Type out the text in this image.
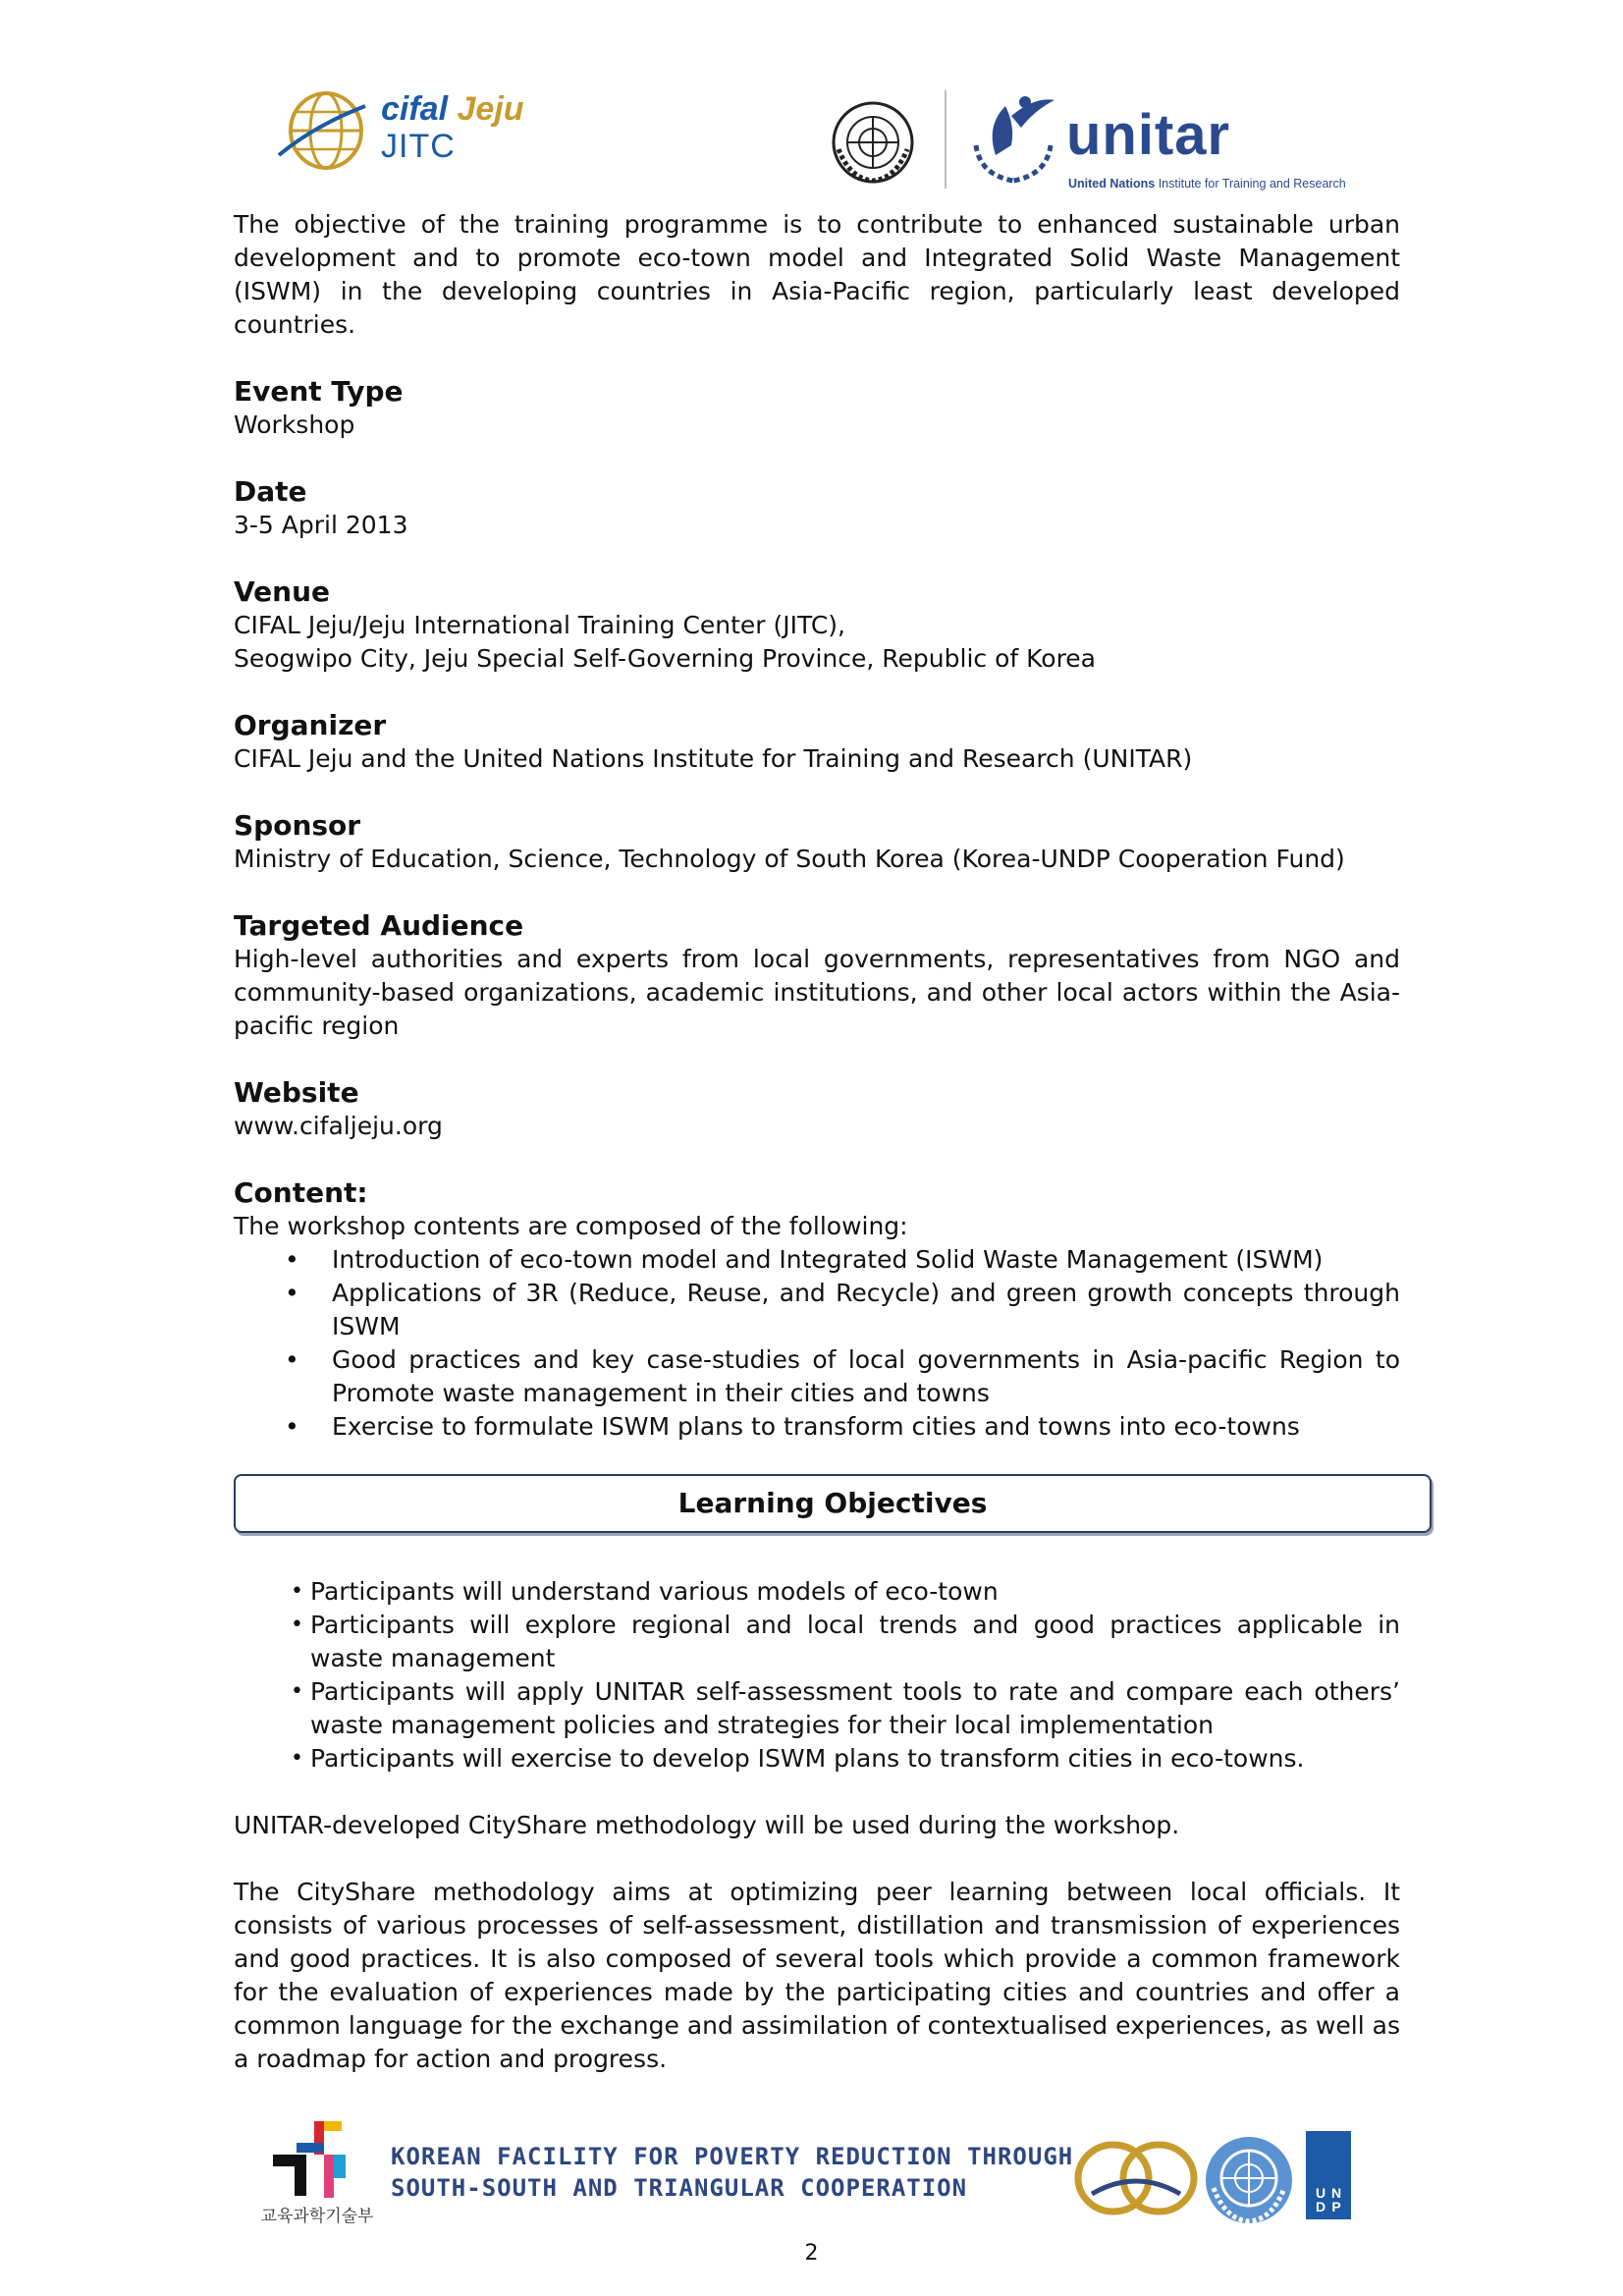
cifal Jeju
JITC	unitar
United Nations Institute for Training and Research

The objective of the training programme is to contribute to enhanced sustainable urban development and to promote eco-town model and Integrated Solid Waste Management (ISWM) in the developing countries in Asia-Pacific region, particularly least developed countries.

Event Type

Workshop

Date

3-5 April 2013

Venue

CIFAL Jeju/Jeju International Training Center (JITC),

Seogwipo City, Jeju Special Self-Governing Province, Republic of Korea

Organizer

CIFAL Jeju and the United Nations Institute for Training and Research (UNITAR)

Sponsor

Ministry of Education, Science, Technology of South Korea (Korea-UNDP Cooperation Fund)

Targeted Audience

High-level authorities and experts from local governments, representatives from NGO and community-based organizations, academic institutions, and other local actors within the Asia-pacific region

Website

www.cifaljeju.org

Content:

The workshop contents are composed of the following:

• Introduction of eco-town model and Integrated Solid Waste Management (ISWM)
• Applications of 3R (Reduce, Reuse, and Recycle) and green growth concepts through ISWM
• Good practices and key case-studies of local governments in Asia-pacific Region to Promote waste management in their cities and towns
• Exercise to formulate ISWM plans to transform cities and towns into eco-towns
Learning Objectives
• Participants will understand various models of eco-town
• Participants will explore regional and local trends and good practices applicable in waste management
• Participants will apply UNITAR self-assessment tools to rate and compare each others’ waste management policies and strategies for their local implementation
• Participants will exercise to develop ISWM plans to transform cities in eco-towns.

UNITAR-developed CityShare methodology will be used during the workshop.

The CityShare methodology aims at optimizing peer learning between local officials. It consists of various processes of self-assessment, distillation and transmission of experiences and good practices. It is also composed of several tools which provide a common framework for the evaluation of experiences made by the participating cities and countries and offer a common language for the exchange and assimilation of contextualised experiences, as well as a roadmap for action and progress.

교육과학기술부
KOREAN FACILITY FOR POVERTY REDUCTION THROUGH
SOUTH-SOUTH AND TRIANGULAR COOPERATION	U N
D P
2
